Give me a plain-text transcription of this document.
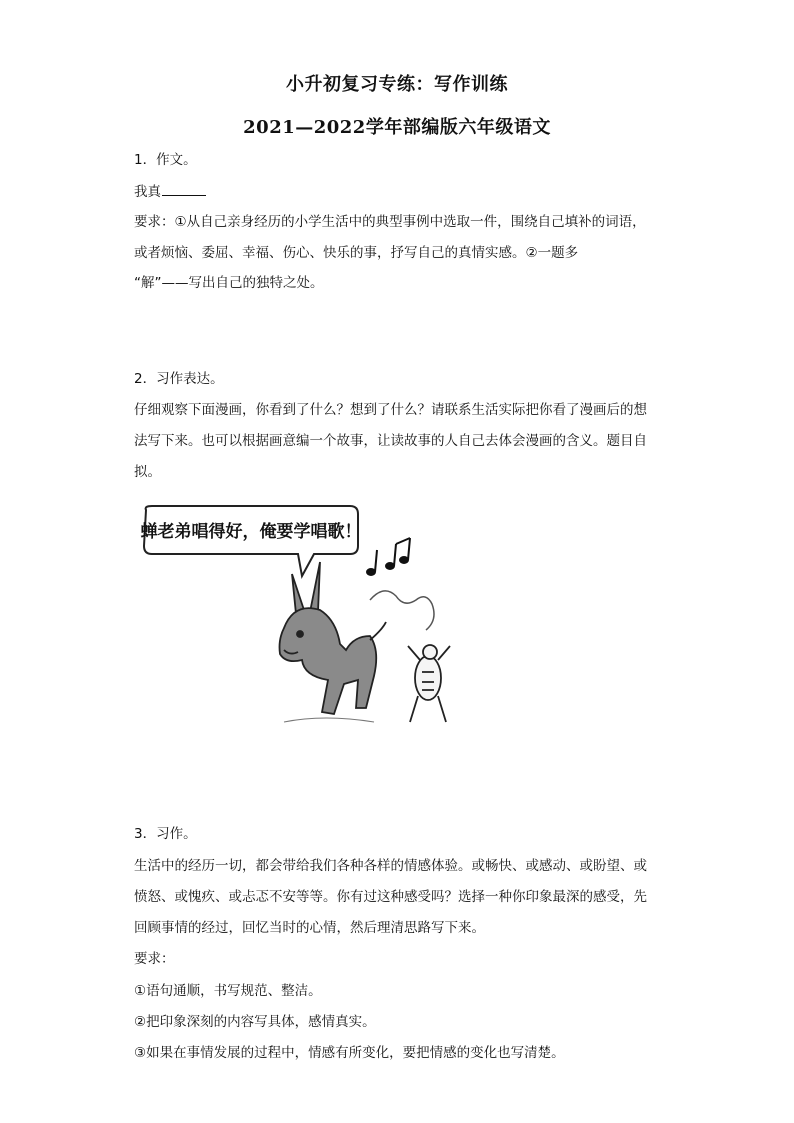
小升初复习专练：写作训练
2021—2022学年部编版六年级语文
1．作文。
我真
要求：①从自己亲身经历的小学生活中的典型事例中选取一件，围绕自己填补的词语，
或者烦恼、委屈、幸福、伤心、快乐的事，抒写自己的真情实感。②一题多
“解”——写出自己的独特之处。
2．习作表达。
仔细观察下面漫画，你看到了什么？想到了什么？请联系生活实际把你看了漫画后的想
法写下来。也可以根据画意编一个故事，让读故事的人自己去体会漫画的含义。题目自
拟。
蝉老弟唱得好，俺要学唱歌！
3．习作。
生活中的经历一切，都会带给我们各种各样的情感体验。或畅快、或感动、或盼望、或
愤怒、或愧疚、或忐忑不安等等。你有过这种感受吗？选择一种你印象最深的感受，先
回顾事情的经过，回忆当时的心情，然后理清思路写下来。
要求：
①语句通顺，书写规范、整洁。
②把印象深刻的内容写具体，感情真实。
③如果在事情发展的过程中，情感有所变化，要把情感的变化也写清楚。
